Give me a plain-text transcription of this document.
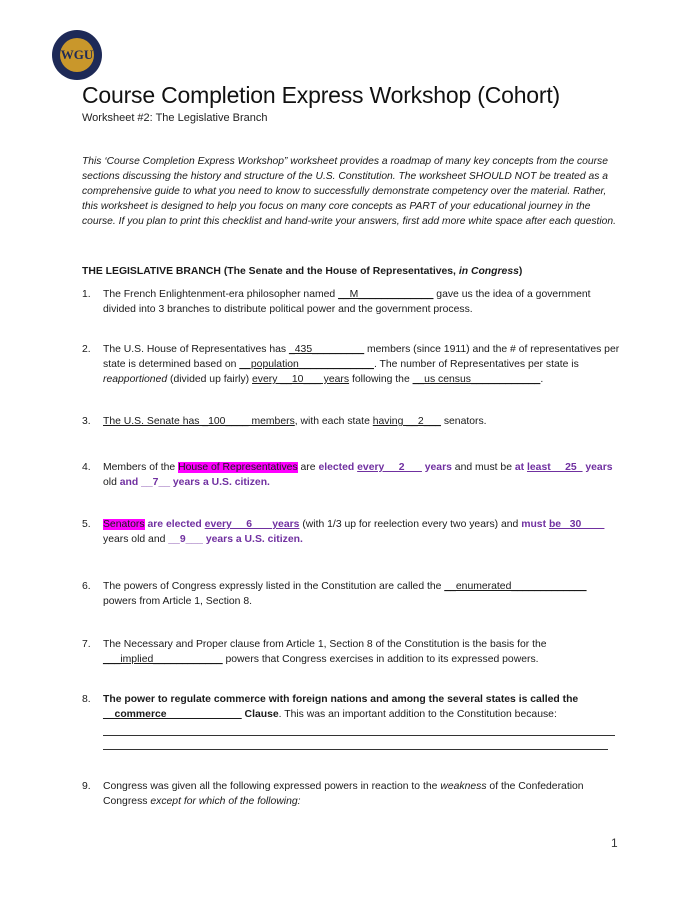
WGU
Course Completion Express Workshop (Cohort)
Worksheet #2: The Legislative Branch
This ‘Course Completion Express Workshop” worksheet provides a roadmap of many key concepts from the course sections discussing the history and structure of the U.S. Constitution. The worksheet SHOULD NOT be treated as a comprehensive guide to what you need to know to successfully demonstrate competency over the material. Rather, this worksheet is designed to help you focus on many core concepts as PART of your educational journey in the course. If you plan to print this checklist and hand-write your answers, first add more white space after each question.
THE LEGISLATIVE BRANCH (The Senate and the House of Representatives, in Congress)
1. The French Enlightenment-era philosopher named __M_____________ gave us the idea of a government divided into 3 branches to distribute political power and the government process.
2. The U.S. House of Representatives has _435_________ members (since 1911) and the # of representatives per state is determined based on __population_____________. The number of Representatives per state is reapportioned (divided up fairly) every __10___ years following the __us census____________.
3. The U.S. Senate has _100____ members, with each state having __2___ senators.
4. Members of the House of Representatives are elected every __2___ years and must be at least __25_ years old and __7__ years a U.S. citizen.
5. Senators are elected every __6___ years (with 1/3 up for reelection every two years) and must be _30____ years old and __9___ years a U.S. citizen.
6. The powers of Congress expressly listed in the Constitution are called the __enumerated_____________ powers from Article 1, Section 8.
7. The Necessary and Proper clause from Article 1, Section 8 of the Constitution is the basis for the ___implied____________ powers that Congress exercises in addition to its expressed powers.
8. The power to regulate commerce with foreign nations and among the several states is called the __commerce_____________ Clause. This was an important addition to the Constitution because:
9. Congress was given all the following expressed powers in reaction to the weakness of the Confederation Congress except for which of the following:
1
